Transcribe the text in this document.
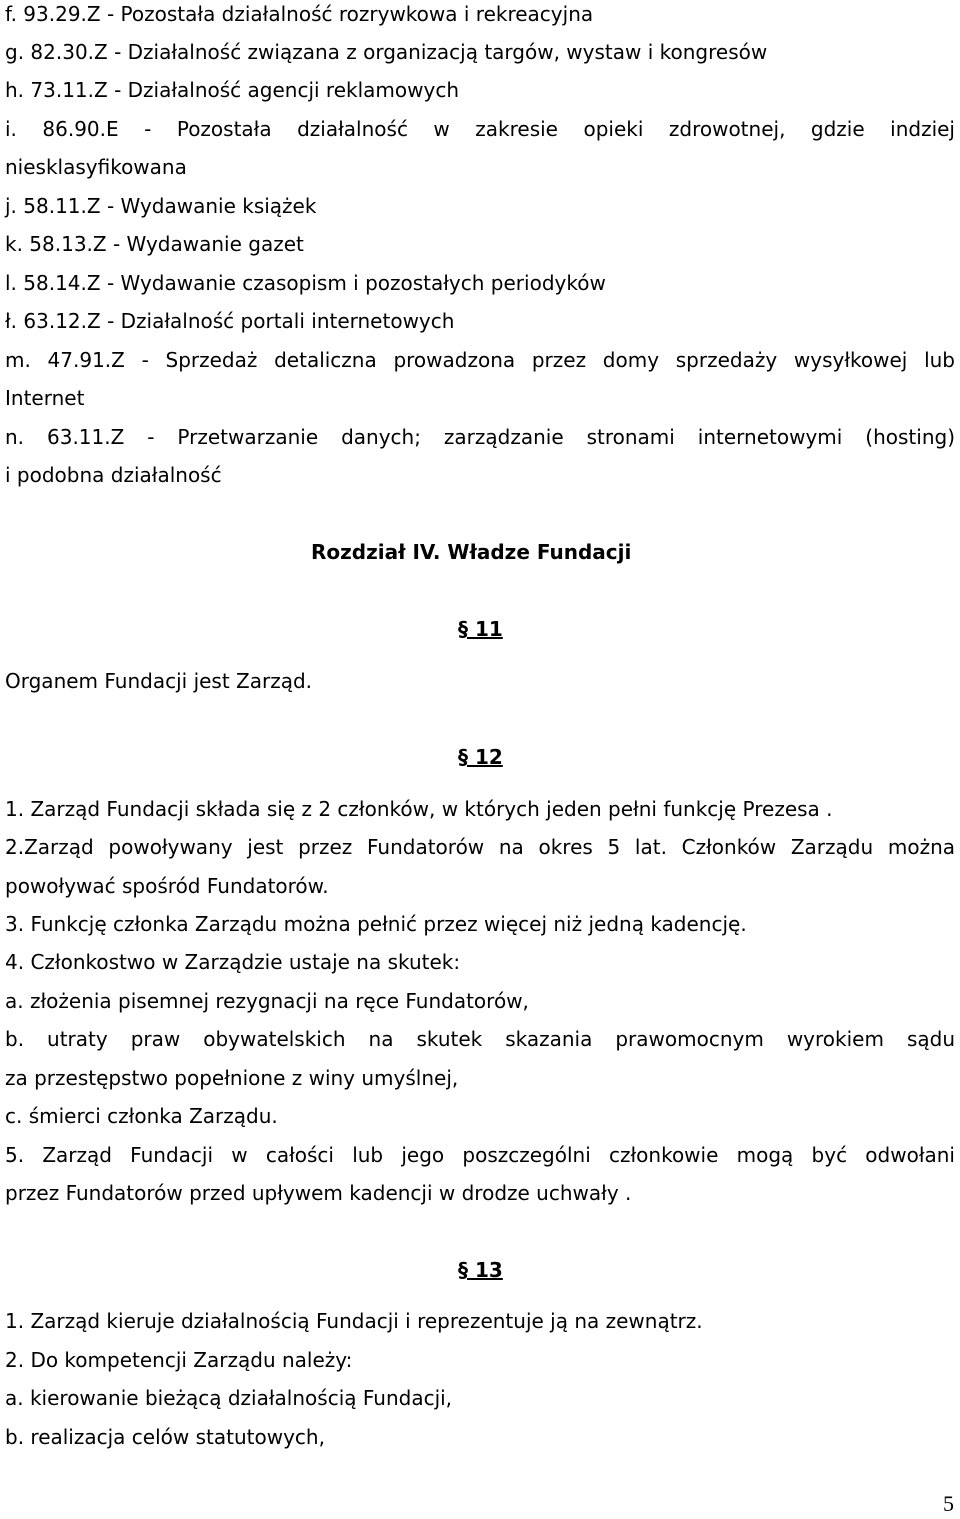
f. 93.29.Z - Pozostała działalność rozrywkowa i rekreacyjna

g. 82.30.Z - Działalność związana z organizacją targów, wystaw i kongresów

h. 73.11.Z - Działalność agencji reklamowych

i. 86.90.E - Pozostała działalność w zakresie opieki zdrowotnej, gdzie indziej

niesklasyfikowana

j. 58.11.Z - Wydawanie książek

k. 58.13.Z - Wydawanie gazet

l. 58.14.Z - Wydawanie czasopism i pozostałych periodyków

ł. 63.12.Z - Działalność portali internetowych

m. 47.91.Z - Sprzedaż detaliczna prowadzona przez domy sprzedaży wysyłkowej lub

Internet

n. 63.11.Z - Przetwarzanie danych; zarządzanie stronami internetowymi (hosting)

i podobna działalność

Rozdział IV. Władze Fundacji

§ 11

Organem Fundacji jest Zarząd.

§ 12

1. Zarząd Fundacji składa się z 2 członków, w których jeden pełni funkcję Prezesa .

2.Zarząd powoływany jest przez Fundatorów na okres 5 lat. Członków Zarządu można

powoływać spośród Fundatorów.

3. Funkcję członka Zarządu można pełnić przez więcej niż jedną kadencję.

4. Członkostwo w Zarządzie ustaje na skutek:

a. złożenia pisemnej rezygnacji na ręce Fundatorów,

b. utraty praw obywatelskich na skutek skazania prawomocnym wyrokiem sądu

za przestępstwo popełnione z winy umyślnej,

c. śmierci członka Zarządu.

5. Zarząd Fundacji w całości lub jego poszczególni członkowie mogą być odwołani

przez Fundatorów przed upływem kadencji w drodze uchwały .

§ 13

1. Zarząd kieruje działalnością Fundacji i reprezentuje ją na zewnątrz.

2. Do kompetencji Zarządu należy:

a. kierowanie bieżącą działalnością Fundacji,

b. realizacja celów statutowych,

5
